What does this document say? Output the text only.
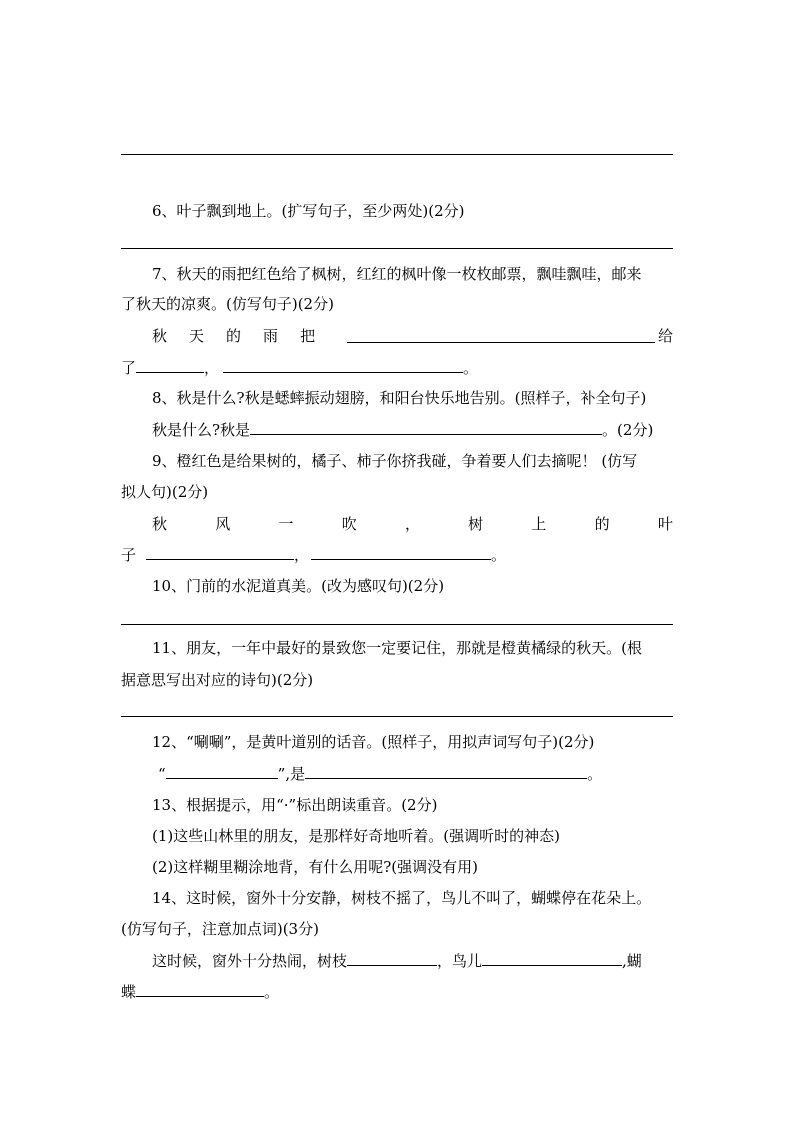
6、叶子飘到地上。(扩写句子，至少两处)(2分)
7、秋天的雨把红色给了枫树，红红的枫叶像一枚枚邮票，飘哇飘哇，邮来
了秋天的凉爽。(仿写句子)(2分)
秋 天 的 雨 把	给
了	，	。
8、秋是什么?秋是蟋蟀振动翅膀，和阳台快乐地告别。(照样子，补全句子)
秋是什么?秋是	。(2分)
9、橙红色是给果树的，橘子、柿子你挤我碰，争着要人们去摘呢！ (仿写
拟人句)(2分)
秋	风	一	吹	，	树	上	的	叶
子	，	。
10、门前的水泥道真美。(改为感叹句)(2分)
11、朋友，一年中最好的景致您一定要记住，那就是橙黄橘绿的秋天。(根
据意思写出对应的诗句)(2分)
12、“唰唰”，是黄叶道别的话音。(照样子，用拟声词写句子)(2分)
“	”,是	。
13、根据提示，用“·”标出朗读重音。(2分)
(1)这些山林里的朋友，是那样好奇地听着。(强调听时的神态)
(2)这样糊里糊涂地背，有什么用呢?(强调没有用)
14、这时候，窗外十分安静，树枝不摇了，鸟儿不叫了，蝴蝶停在花朵上。
(仿写句子，注意加点词)(3分)
这时候，窗外十分热闹，树枝	，鸟儿	,蝴
蝶	。
